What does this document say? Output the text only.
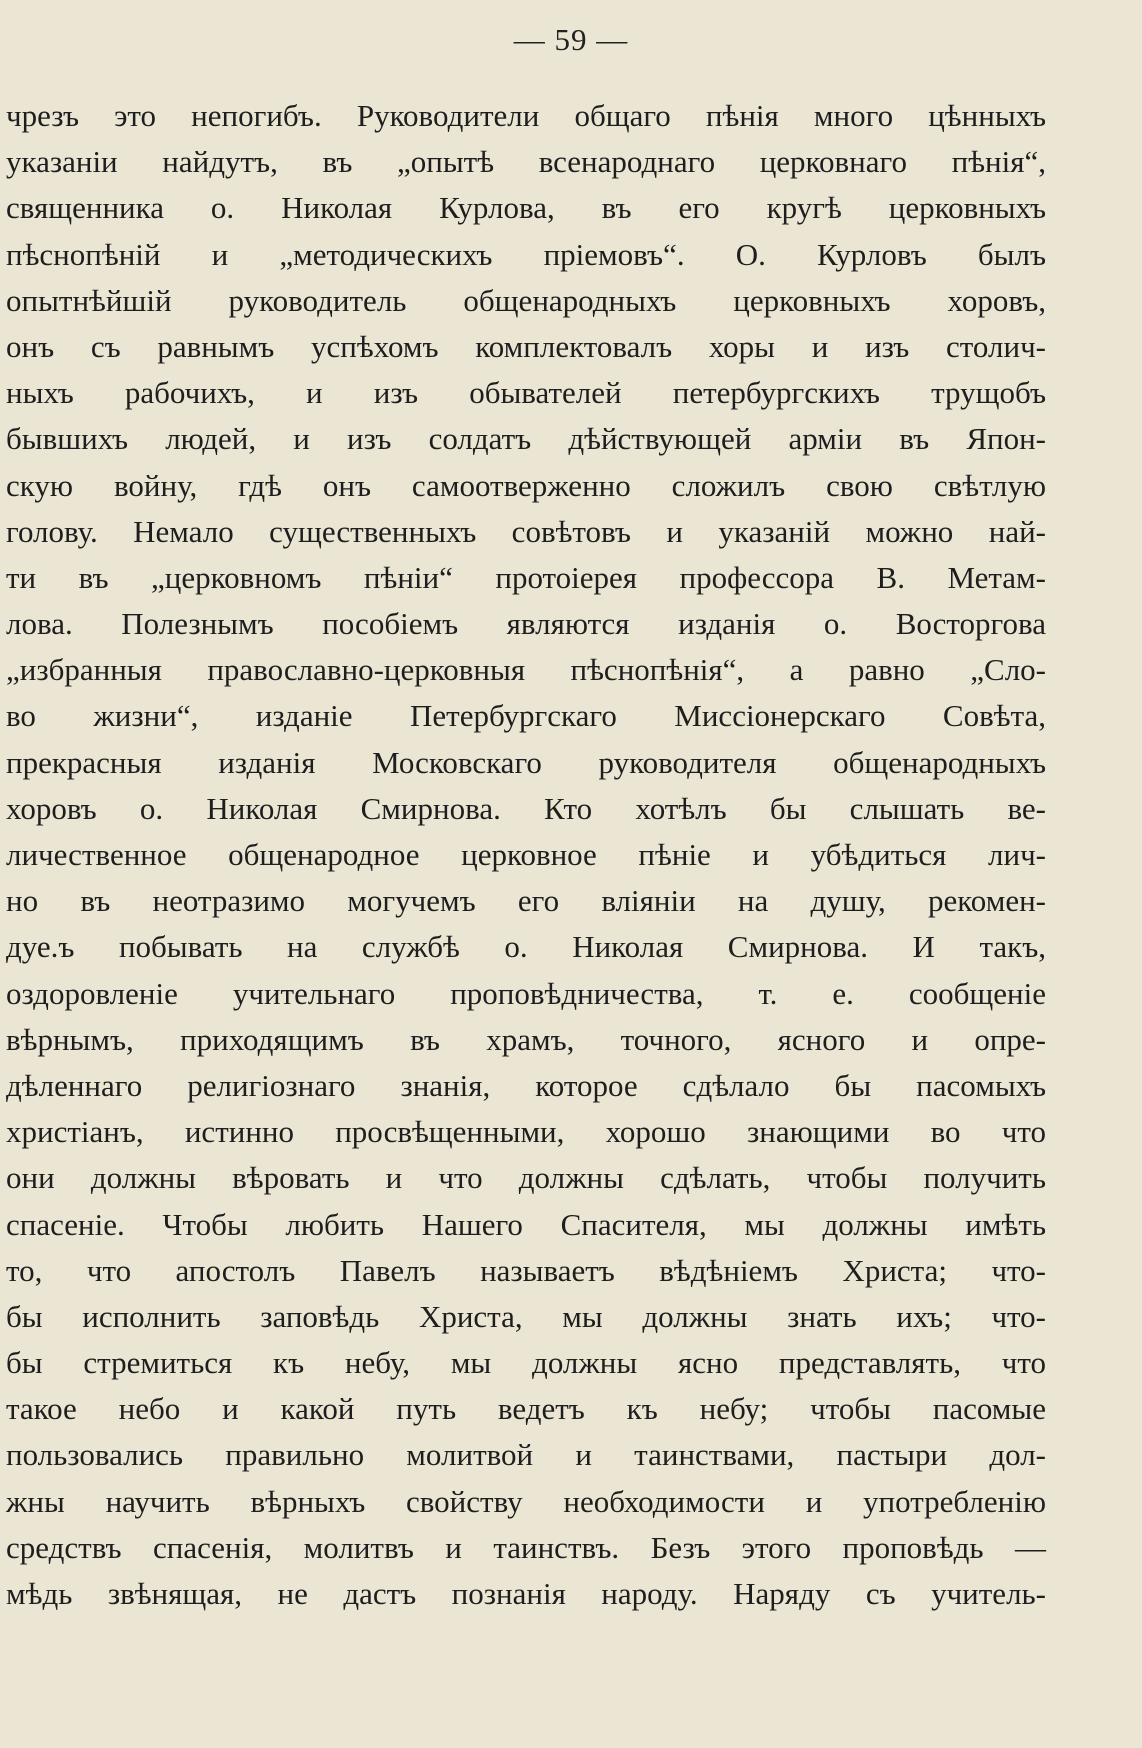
— 59 —
чрезъ это непогибъ. Руководители общаго пѣнія много цѣнныхъ
указаніи найдутъ, въ „опытѣ всенароднаго церковнаго пѣнія“,
священника о. Николая Курлова, въ его кругѣ церковныхъ
пѣснопѣній и „методическихъ пріемовъ“. О. Курловъ былъ
опытнѣйшій руководитель общенародныхъ церковныхъ хоровъ,
онъ съ равнымъ успѣхомъ комплектовалъ хоры и изъ столич-
ныхъ рабочихъ, и изъ обывателей петербургскихъ трущобъ
бывшихъ людей, и изъ солдатъ дѣйствующей арміи въ Япон-
скую войну, гдѣ онъ самоотверженно сложилъ свою свѣтлую
голову. Немало существенныхъ совѣтовъ и указаній можно най-
ти въ „церковномъ пѣніи“ протоіерея профессора В. Метам-
лова. Полезнымъ пособіемъ являются изданія о. Восторгова
„избранныя православно-церковныя пѣснопѣнія“, а равно „Сло-
во жизни“, изданіе Петербургскаго Миссіонерскаго Совѣта,
прекрасныя изданія Московскаго руководителя общенародныхъ
хоровъ о. Николая Смирнова. Кто хотѣлъ бы слышать ве-
личественное общенародное церковное пѣніе и убѣдиться лич-
но въ неотразимо могучемъ его вліяніи на душу, рекомен-
дуе.ъ побывать на службѣ о. Николая Смирнова. И такъ,
оздоровленіе учительнаго проповѣдничества, т. е. сообщеніе
вѣрнымъ, приходящимъ въ храмъ, точного, ясного и опре-
дѣленнаго религіознаго знанія, которое сдѣлало бы пасомыхъ
христіанъ, истинно просвѣщенными, хорошо знающими во что
они должны вѣровать и что должны сдѣлать, чтобы получить
спасеніе. Чтобы любить Нашего Спасителя, мы должны имѣть
то, что апостолъ Павелъ называетъ вѣдѣніемъ Христа; что-
бы исполнить заповѣдь Христа, мы должны знать ихъ; что-
бы стремиться къ небу, мы должны ясно представлять, что
такое небо и какой путь ведетъ къ небу; чтобы пасомые
пользовались правильно молитвой и таинствами, пастыри дол-
жны научить вѣрныхъ свойству необходимости и употребленію
средствъ спасенія, молитвъ и таинствъ. Безъ этого проповѣдь —
мѣдь звѣнящая, не дастъ познанія народу. Наряду съ учитель-
